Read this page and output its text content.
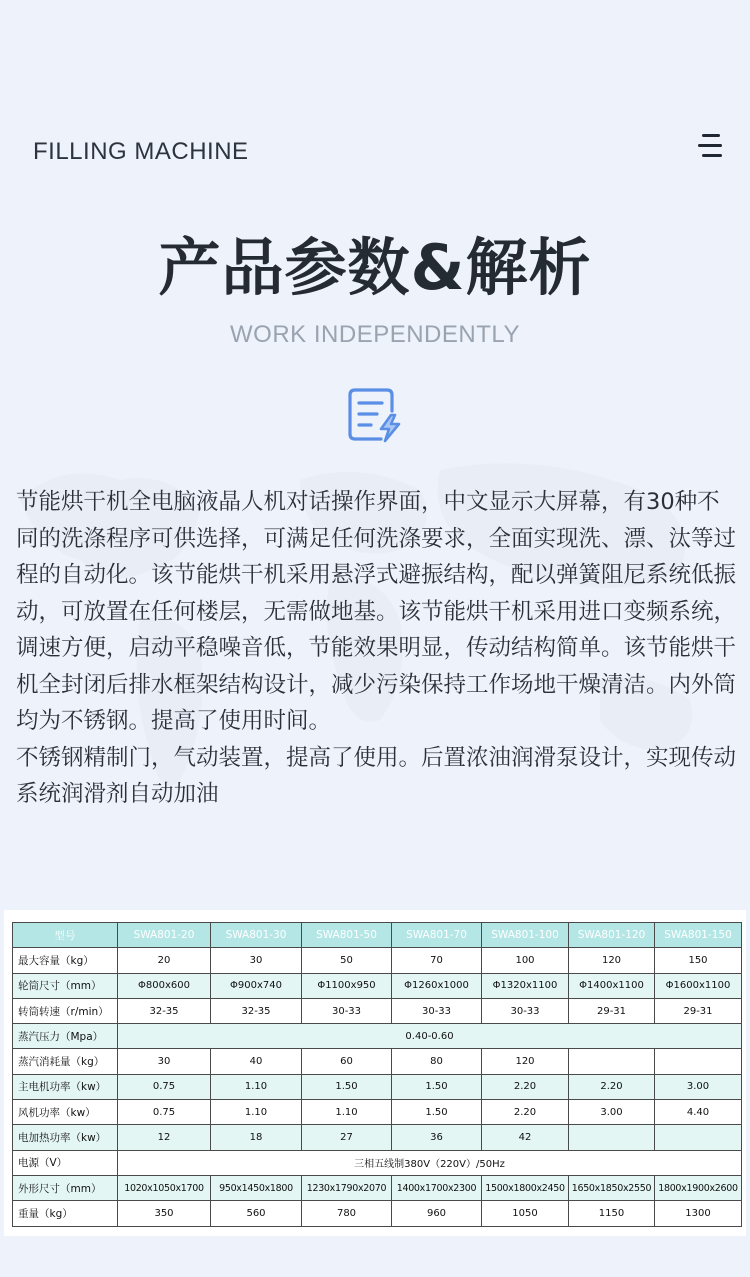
FILLING MACHINE
产品参数&解析
WORK INDEPENDENTLY

节能烘干机全电脑液晶人机对话操作界面，中文显示大屏幕，有30种不同的洗涤程序可供选择，可满足任何洗涤要求，全面实现洗、漂、汰等过程的自动化。该节能烘干机采用悬浮式避振结构，配以弹簧阻尼系统低振动，可放置在任何楼层，无需做地基。该节能烘干机采用进口变频系统，调速方便，启动平稳噪音低，节能效果明显，传动结构简单。该节能烘干机全封闭后排水框架结构设计，减少污染保持工作场地干燥清洁。内外筒均为不锈钢。提高了使用时间。

不锈钢精制门，气动装置，提高了使用。后置浓油润滑泵设计，实现传动系统润滑剂自动加油

型号	SWA801-20	SWA801-30	SWA801-50	SWA801-70	SWA801-100	SWA801-120	SWA801-150
最大容量（kg）	20	30	50	70	100	120	150
轮筒尺寸（mm）	Φ800x600	Φ900x740	Φ1100x950	Φ1260x1000	Φ1320x1100	Φ1400x1100	Φ1600x1100
转筒转速（r/min）	32-35	32-35	30-33	30-33	30-33	29-31	29-31
蒸汽压力（Mpa）	0.40-0.60						
蒸汽消耗量（kg）	30	40	60	80	120		
主电机功率（kw）	0.75	1.10	1.50	1.50	2.20	2.20	3.00
风机功率（kw）	0.75	1.10	1.10	1.50	2.20	3.00	4.40
电加热功率（kw）	12	18	27	36	42		
电源（V）	三相五线制380V（220V）/50Hz						
外形尺寸（mm）	1020x1050x1700	950x1450x1800	1230x1790x2070	1400x1700x2300	1500x1800x2450	1650x1850x2550	1800x1900x2600
重量（kg）	350	560	780	960	1050	1150	1300
